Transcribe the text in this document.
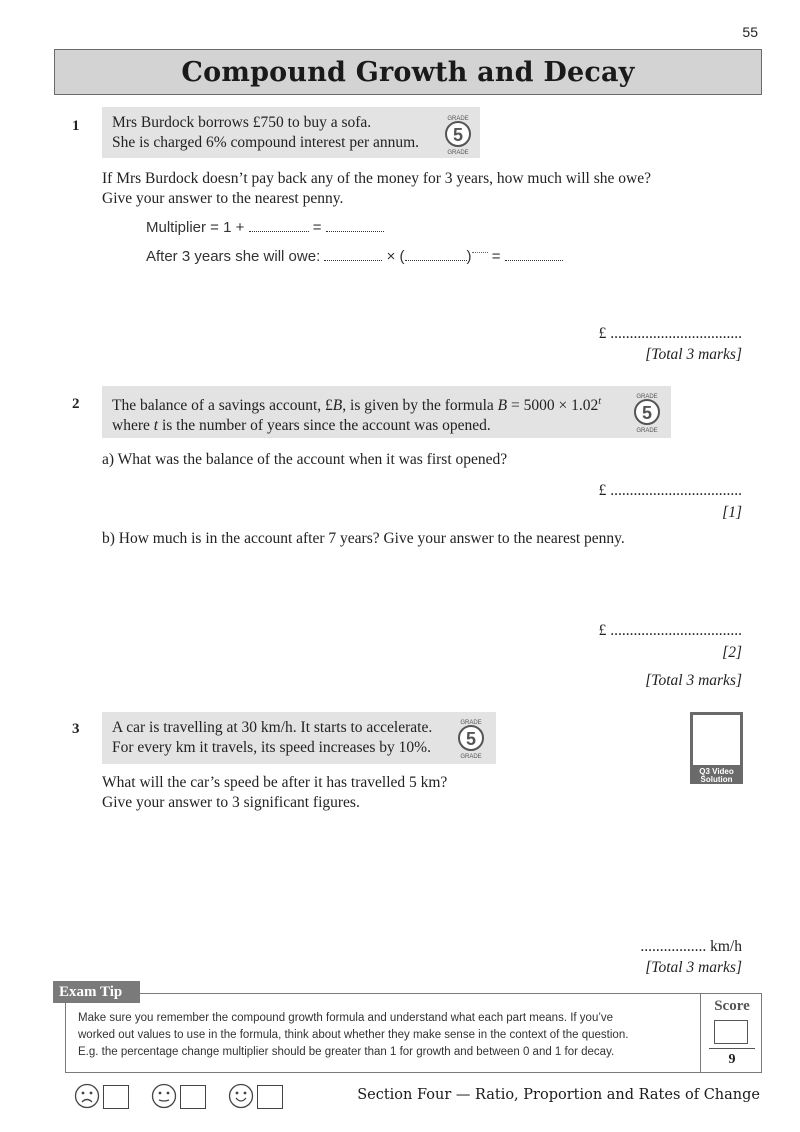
55
Compound Growth and Decay
1 Mrs Burdock borrows £750 to buy a sofa.
She is charged 6% compound interest per annum.	5
GRADE
GRADE
If Mrs Burdock doesn’t pay back any of the money for 3 years, how much will she owe?
Give your answer to the nearest penny.
Multiplier = 1 +	=
After 3 years she will owe:	× (	) =
£ ..................................
[Total 3 marks]
2 The balance of a savings account, £B, is given by the formula $B = 5000 \times 1.02^t$
where t is the number of years since the account was opened.
5
GRADE
GRADE
a) What was the balance of the account when it was first opened?
£ ..................................
[1]
b) How much is in the account after 7 years? Give your answer to the nearest penny.
£ ..................................
[2]
[Total 3 marks]
3 A car is travelling at 30 km/h. It starts to accelerate.
For every km it travels, its speed increases by 10%.	5
GRADE
GRADE
Q3 Video
Solution
What will the car’s speed be after it has travelled 5 km?
Give your answer to 3 significant figures.
................. km/h
[Total 3 marks]
Exam Tip
Make sure you remember the compound growth formula and understand what each part means. If you’ve
worked out values to use in the formula, think about whether they make sense in the context of the question.
E.g. the percentage change multiplier should be greater than 1 for growth and between 0 and 1 for decay.
Score
9
Section Four — Ratio, Proportion and Rates of Change
